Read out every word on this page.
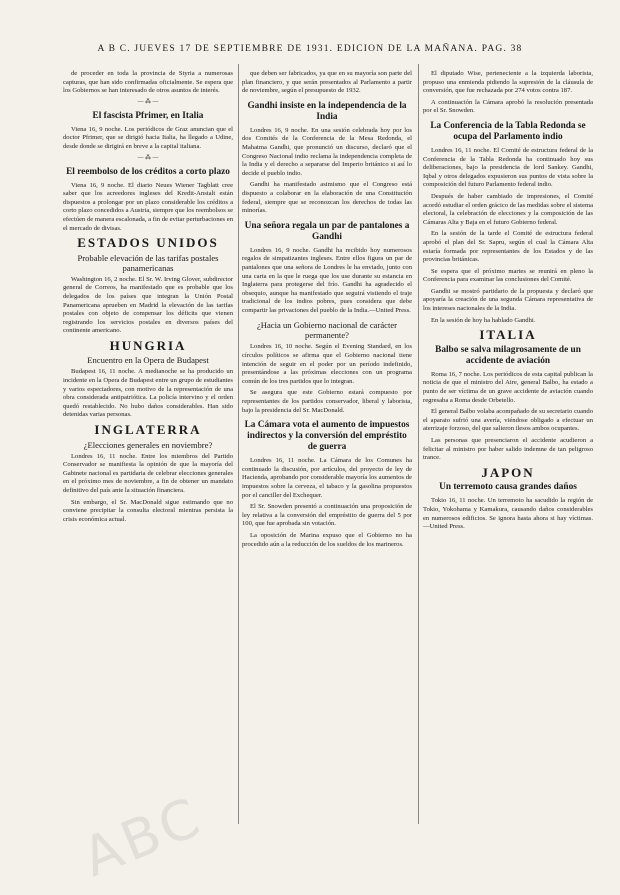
A B C. JUEVES 17 DE SEPTIEMBRE DE 1931. EDICION DE LA MAÑANA. PAG. 38

de proceder en toda la provincia de Styria a numerosas capturas, que han sido confirmadas oficialmente. Se espera que los Gobiernos se han interesado de otros asuntos de interés.

— ⁂ —
El fascista Pfrimer, en Italia

Viena 16, 9 noche. Los periódicos de Graz anuncian que el doctor Pfrimer, que se dirigió hacia Italia, ha llegado a Udine, desde donde se dirigirá en breve a la capital italiana.

— ⁂ —
El reembolso de los créditos a corto plazo

Viena 16, 9 noche. El diario Neues Wiener Tagblatt cree saber que los acreedores ingleses del Kredit-Anstalt están dispuestos a prolongar por un plazo considerable los créditos a corto plazo concedidos a Austria, siempre que los reembolsos se efectúen de manera escalonada, a fin de evitar perturbaciones en el mercado de divisas.

ESTADOS UNIDOS
Probable elevación de las tarifas postales panamericanas

Washington 16, 2 noche. El Sr. W. Irving Glover, subdirector general de Correos, ha manifestado que es probable que los delegados de los países que integran la Unión Postal Panamericana aprueben en Madrid la elevación de las tarifas postales con objeto de compensar los déficits que vienen registrando los servicios postales en diversos países del continente americano.

HUNGRIA
Encuentro en la Opera de Budapest

Budapest 16, 11 noche. A medianoche se ha producido un incidente en la Opera de Budapest entre un grupo de estudiantes y varios espectadores, con motivo de la representación de una obra considerada antipatriótica. La policía intervino y el orden quedó restablecido. No hubo daños considerables. Han sido detenidas varias personas.

INGLATERRA
¿Elecciones generales en noviembre?

Londres 16, 11 noche. Entre los miembros del Partido Conservador se manifiesta la opinión de que la mayoría del Gabinete nacional es partidaria de celebrar elecciones generales en el próximo mes de noviembre, a fin de obtener un mandato definitivo del país ante la situación financiera.

Sin embargo, el Sr. MacDonald sigue estimando que no conviene precipitar la consulta electoral mientras persista la crisis económica actual.

que deben ser fabricados, ya que en su mayoría son parte del plan financiero, y que serán presentados al Parlamento a partir de noviembre, según el presupuesto de 1932.

Gandhi insiste en la independencia de la India

Londres 16, 9 noche. En una sesión celebrada hoy por los dos Comités de la Conferencia de la Mesa Redonda, el Mahatma Gandhi, que pronunció un discurso, declaró que el Congreso Nacional indio reclama la independencia completa de la India y el derecho a separarse del Imperio británico si así lo decide el pueblo indio.

Gandhi ha manifestado asimismo que el Congreso está dispuesto a colaborar en la elaboración de una Constitución federal, siempre que se reconozcan los derechos de todas las minorías.

Una señora regala un par de pantalones a Gandhi

Londres 16, 9 noche. Gandhi ha recibido hoy numerosos regalos de simpatizantes ingleses. Entre ellos figura un par de pantalones que una señora de Londres le ha enviado, junto con una carta en la que le ruega que los use durante su estancia en Inglaterra para protegerse del frío. Gandhi ha agradecido el obsequio, aunque ha manifestado que seguirá vistiendo el traje tradicional de los indios pobres, pues considera que debe compartir las privaciones del pueblo de la India.—United Press.

¿Hacia un Gobierno nacional de carácter permanente?

Londres 16, 10 noche. Según el Evening Standard, en los círculos políticos se afirma que el Gobierno nacional tiene intención de seguir en el poder por un período indefinido, presentándose a las próximas elecciones con un programa común de los tres partidos que lo integran.

Se asegura que este Gobierno estará compuesto por representantes de los partidos conservador, liberal y laborista, bajo la presidencia del Sr. MacDonald.

La Cámara vota el aumento de impuestos indirectos y la conversión del empréstito de guerra

Londres 16, 11 noche. La Cámara de los Comunes ha continuado la discusión, por artículos, del proyecto de ley de Hacienda, aprobando por considerable mayoría los aumentos de impuestos sobre la cerveza, el tabaco y la gasolina propuestos por el canciller del Exchequer.

El Sr. Snowden presentó a continuación una proposición de ley relativa a la conversión del empréstito de guerra del 5 por 100, que fue aprobada sin votación.

La oposición de Marina expuso que el Gobierno no ha procedido aún a la reducción de los sueldos de los marineros.

El diputado Wise, perteneciente a la izquierda laborista, propuso una enmienda pidiendo la supresión de la cláusula de conversión, que fue rechazada por 274 votos contra 187.

A continuación la Cámara aprobó la resolución presentada por el Sr. Snowden.

La Conferencia de la Tabla Redonda se ocupa del Parlamento indio

Londres 16, 11 noche. El Comité de estructura federal de la Conferencia de la Tabla Redonda ha continuado hoy sus deliberaciones, bajo la presidencia de lord Sankey. Gandhi, Iqbal y otros delegados expusieron sus puntos de vista sobre la composición del futuro Parlamento federal indio.

Después de haber cambiado de impresiones, el Comité acordó estudiar el orden grácico de las medidas sobre el sistema electoral, la celebración de elecciones y la composición de las Cámaras Alta y Baja en el futuro Gobierno federal.

En la sesión de la tarde el Comité de estructura federal aprobó el plan del Sr. Sapru, según el cual la Cámara Alta estaría formada por representantes de los Estados y de las provincias británicas.

Se espera que el próximo martes se reunirá en pleno la Conferencia para examinar las conclusiones del Comité.

Gandhi se mostró partidario de la propuesta y declaró que apoyaría la creación de una segunda Cámara representativa de los intereses nacionales de la India.

En la sesión de hoy ha hablado Gandhi.

ITALIA
Balbo se salva milagrosamente de un accidente de aviación

Roma 16, 7 noche. Los periódicos de esta capital publican la noticia de que el ministro del Aire, general Balbo, ha estado a punto de ser víctima de un grave accidente de aviación cuando regresaba a Roma desde Orbetello.

El general Balbo volaba acompañado de su secretario cuando el aparato sufrió una avería, viéndose obligado a efectuar un aterrizaje forzoso, del que salieron ilesos ambos ocupantes.

Las personas que presenciaron el accidente acudieron a felicitar al ministro por haber salido indemne de tan peligroso trance.

JAPON
Un terremoto causa grandes daños

Tokio 16, 11 noche. Un terremoto ha sacudido la región de Tokio, Yokohama y Kamakura, causando daños considerables en numerosos edificios. Se ignora hasta ahora si hay víctimas.—United Press.

ABC
